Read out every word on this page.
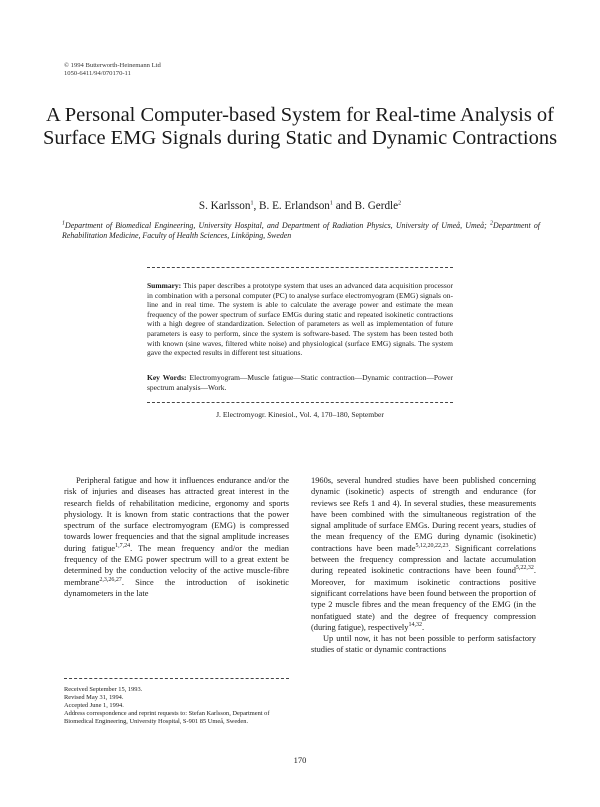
© 1994 Butterworth-Heinemann Ltd
1050-6411/94/070170-11
A Personal Computer-based System for Real-time Analysis of Surface EMG Signals during Static and Dynamic Contractions
S. Karlsson$^1$, B. E. Erlandson$^1$ and B. Gerdle$^2$
$^1$Department of Biomedical Engineering, University Hospital, and Department of Radiation Physics, University of Umeå, Umeå; $^2$Department of Rehabilitation Medicine, Faculty of Health Sciences, Linköping, Sweden
Summary: This paper describes a prototype system that uses an advanced data acquisition processor in combination with a personal computer (PC) to analyse surface electromyogram (EMG) signals on-line and in real time. The system is able to calculate the average power and estimate the mean frequency of the power spectrum of surface EMGs during static and repeated isokinetic contractions with a high degree of standardization. Selection of parameters as well as implementation of future parameters is easy to perform, since the system is software-based. The system has been tested both with known (sine waves, filtered white noise) and physiological (surface EMG) signals. The system gave the expected results in different test situations.
Key Words: Electromyogram—Muscle fatigue—Static contraction—Dynamic contraction—Power spectrum analysis—Work.
J. Electromyogr. Kinesiol., Vol. 4, 170–180, September

Peripheral fatigue and how it influences endurance and/or the risk of injuries and diseases has attracted great interest in the research fields of rehabilitation medicine, ergonomy and sports physiology. It is known from static contractions that the power spectrum of the surface electromyogram (EMG) is compressed towards lower frequencies and that the signal amplitude increases during fatigue$^{1,7,24}$. The mean frequency and/or the median frequency of the EMG power spectrum will to a great extent be determined by the conduction velocity of the active muscle-fibre membrane$^{2,3,26,27}$. Since the introduction of isokinetic dynamometers in the late

Received September 15, 1993.
Revised May 31, 1994.
Accepted June 1, 1994.
Address correspondence and reprint requests to: Stefan Karlsson, Department of Biomedical Engineering, University Hospital, S-901 85 Umeå, Sweden.

1960s, several hundred studies have been published concerning dynamic (isokinetic) aspects of strength and endurance (for reviews see Refs 1 and 4). In several studies, these measurements have been combined with the simultaneous registration of the signal amplitude of surface EMGs. During recent years, studies of the mean frequency of the EMG during dynamic (isokinetic) contractions have been made$^{5,12,20,22,23}$. Significant correlations between the frequency compression and lactate accumulation during repeated isokinetic contractions have been found$^{5,22,32}$. Moreover, for maximum isokinetic contractions positive significant correlations have been found between the proportion of type 2 muscle fibres and the mean frequency of the EMG (in the nonfatigued state) and the degree of frequency compression (during fatigue), respectively$^{14,32}$.

Up until now, it has not been possible to perform satisfactory studies of static or dynamic contractions

170
